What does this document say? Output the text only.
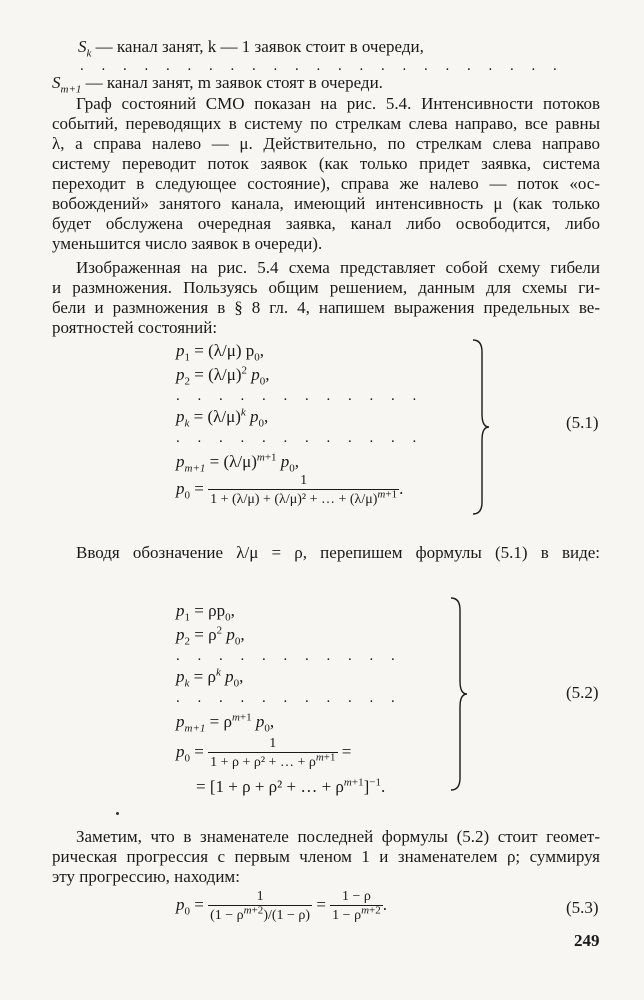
$S_k$ — канал занят, k — 1 заявок стоит в очереди,
. . . . . . . . . . . . . . . . . . . . . . .
$S_{m+1}$ — канал занят, m заявок стоят в очереди.
Граф состояний СМО показан на рис. 5.4. Интенсивности потоков
событий, переводящих в систему по стрелкам слева направо, все равны
λ, а справа налево — μ. Действительно, по стрелкам слева направо
систему переводит поток заявок (как только придет заявка, система
переходит в следующее состояние), справа же налево — поток «ос-
вобождений» занятого канала, имеющий интенсивность μ (как только
будет обслужена очередная заявка, канал либо освободится, либо
уменьшится число заявок в очереди).
Изображенная на рис. 5.4 схема представляет собой схему гибели
и размножения. Пользуясь общим решением, данным для схемы ги-
бели и размножения в § 8 гл. 4, напишем выражения предельных ве-
роятностей состояний:
$p_1 = (\lambda/\mu)$ $p_0$,
$p_2 = (\lambda/\mu)^2$ $p_0$,
. . . . . . . . . . . .
$p_k = (\lambda/\mu)^k$ $p_0$,
. . . . . . . . . . . .
$p_{m+1} = (\lambda/\mu)^{m+1}$ $p_0$,
$p_0 = \frac{1}{1 + (\lambda/\mu) + (\lambda/\mu)^2 + \dots + (\lambda/\mu)^{m+1}}$ .
(5.1)
Вводя обозначение λ/μ = ρ, перепишем формулы (5.1) в виде:
$p_1 = \rho p_0$,
$p_2 = \rho^2$ $p_0$,
. . . . . . . . . . .
$p_k = \rho^k$ $p_0$,
. . . . . . . . . . .
$p_{m+1} = \rho^{m+1}$ $p_0$,
$p_0 = \frac{1}{1 + \rho + \rho^2 + \dots + \rho^{m+1}}$ =
= [1 + ρ + ρ² + … + $\rho^{m+1}]^{-1}$.
(5.2)
Заметим, что в знаменателе последней формулы (5.2) стоит геомет-
рическая прогрессия с первым членом 1 и знаменателем ρ; суммируя
эту прогрессию, находим:
$p_0 = \frac{1}{(1 - \rho^{m+2})/(1 - \rho)} = \frac{1 - \rho}{1 - \rho^{m+2}}$ .	(5.3)
249
